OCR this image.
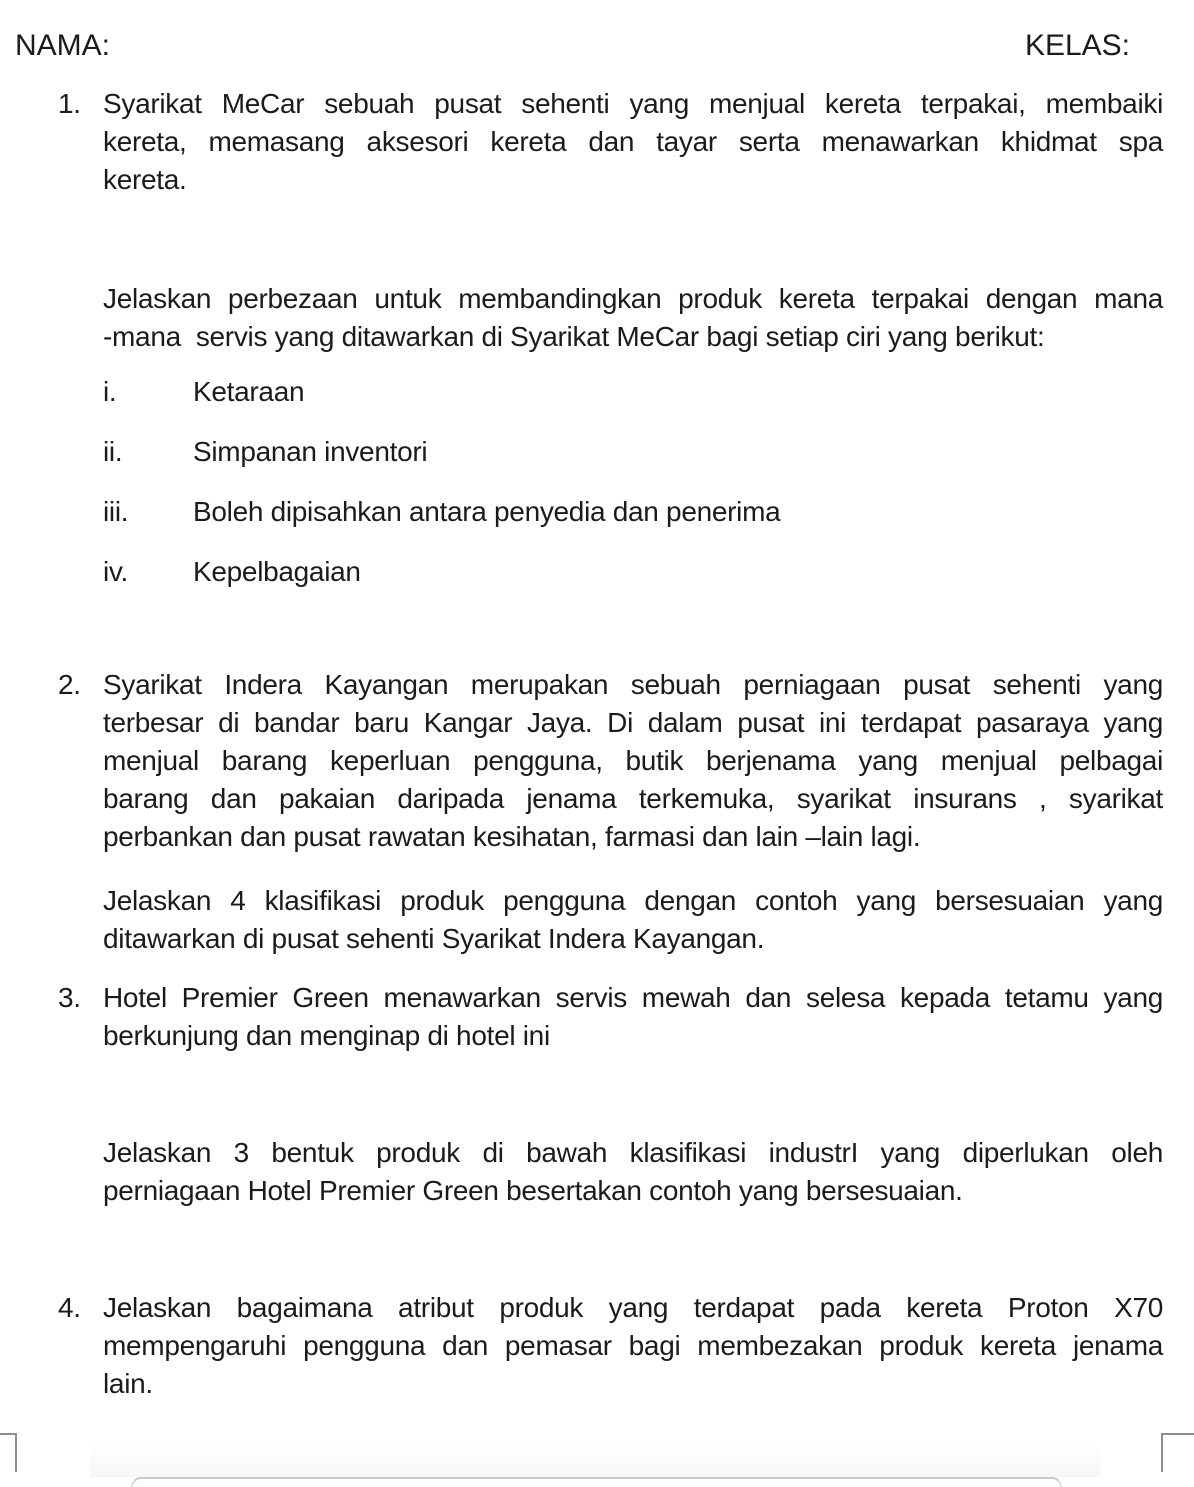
NAMA:	KELAS:
1. Syarikat MeCar sebuah pusat sehenti yang menjual kereta terpakai, membaiki
kereta, memasang aksesori kereta dan tayar serta menawarkan khidmat spa
kereta.
Jelaskan perbezaan untuk membandingkan produk kereta terpakai dengan mana
-mana  servis yang ditawarkan di Syarikat MeCar bagi setiap ciri yang berikut:
i.	Ketaraan
ii.	Simpanan inventori
iii.	Boleh dipisahkan antara penyedia dan penerima
iv.	Kepelbagaian
2. Syarikat Indera Kayangan merupakan sebuah perniagaan pusat sehenti yang
terbesar di bandar baru Kangar Jaya. Di dalam pusat ini terdapat pasaraya yang
menjual barang keperluan pengguna, butik berjenama yang menjual pelbagai
barang dan pakaian daripada jenama terkemuka, syarikat insurans , syarikat
perbankan dan pusat rawatan kesihatan, farmasi dan lain –lain lagi.
Jelaskan 4 klasifikasi produk pengguna dengan contoh yang bersesuaian yang
ditawarkan di pusat sehenti Syarikat Indera Kayangan.
3. Hotel Premier Green menawarkan servis mewah dan selesa kepada tetamu yang
berkunjung dan menginap di hotel ini
Jelaskan 3 bentuk produk di bawah klasifikasi industrI yang diperlukan oleh
perniagaan Hotel Premier Green besertakan contoh yang bersesuaian.
4. Jelaskan bagaimana atribut produk yang terdapat pada kereta Proton X70
mempengaruhi pengguna dan pemasar bagi membezakan produk kereta jenama
lain.
